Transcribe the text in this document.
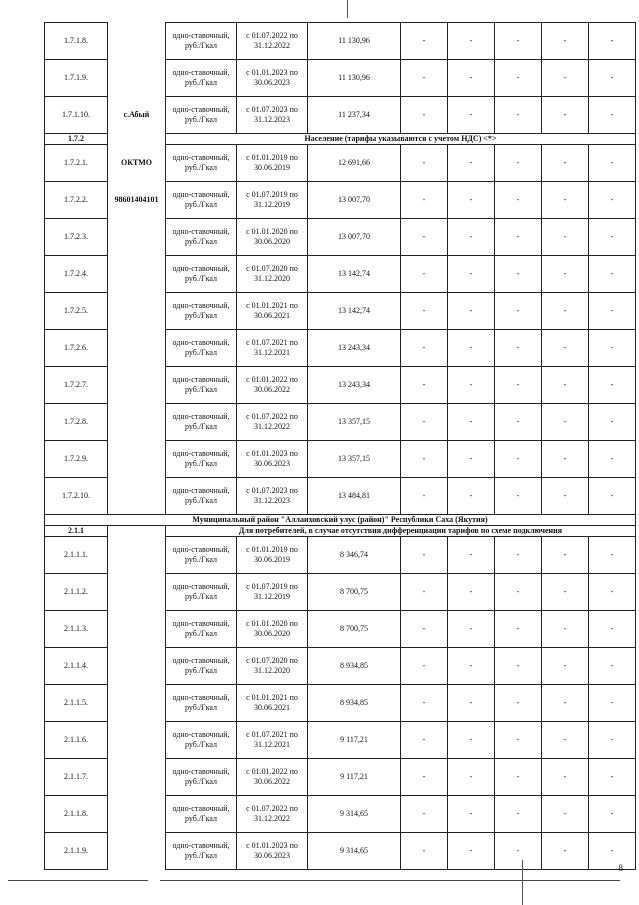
1.7.1.8.		одно-ставочный, руб./Гкал	с 01.07.2022 по 31.12.2022	11 130,96	-	-	-	-	-
1.7.1.9.		одно-ставочный, руб./Гкал	с 01.01.2023 по 30.06.2023	11 130,96	-	-	-	-	-
1.7.1.10.	с.Абый	одно-ставочный, руб./Гкал	с 01.07.2023 по 31.12.2023	11 237,34	-	-	-	-	-
1.7.2		Население (тарифы указываются с учетом НДС) <*>							
1.7.2.1.	ОКТМО	одно-ставочный, руб./Гкал	с 01.01.2019 по 30.06.2019	12 691,66	-	-	-	-	-
1.7.2.2.	98601404101	одно-ставочный, руб./Гкал	с 01.07.2019 по 31.12.2019	13 007,70	-	-	-	-	-
1.7.2.3.		одно-ставочный, руб./Гкал	с 01.01.2020 по 30.06.2020	13 007,70	-	-	-	-	-
1.7.2.4.		одно-ставочный, руб./Гкал	с 01.07.2020 по 31.12.2020	13 142,74	-	-	-	-	-
1.7.2.5.		одно-ставочный, руб./Гкал	с 01.01.2021 по 30.06.2021	13 142,74	-	-	-	-	-
1.7.2.6.		одно-ставочный, руб./Гкал	с 01.07.2021 по 31.12.2021	13 243,34	-	-	-	-	-
1.7.2.7.		одно-ставочный, руб./Гкал	с 01.01.2022 по 30.06.2022	13 243,34	-	-	-	-	-
1.7.2.8.		одно-ставочный, руб./Гкал	с 01.07.2022 по 31.12.2022	13 357,15	-	-	-	-	-
1.7.2.9.		одно-ставочный, руб./Гкал	с 01.01.2023 по 30.06.2023	13 357,15	-	-	-	-	-
1.7.2.10.		одно-ставочный, руб./Гкал	с 01.07.2023 по 31.12.2023	13 484,81	-	-	-	-	-
Муниципальный район "Аллаиховский улус (район)" Республики Саха (Якутия)									
2.1.1		Для потребителей, в случае отсутствия дифференциации тарифов по схеме подключения							
2.1.1.1.		одно-ставочный, руб./Гкал	с 01.01.2019 по 30.06.2019	8 346,74	-	-	-	-	-
2.1.1.2.		одно-ставочный, руб./Гкал	с 01.07.2019 по 31.12.2019	8 700,75	-	-	-	-	-
2.1.1.3.		одно-ставочный, руб./Гкал	с 01.01.2020 по 30.06.2020	8 700,75	-	-	-	-	-
2.1.1.4.		одно-ставочный, руб./Гкал	с 01.07.2020 по 31.12.2020	8 934,85	-	-	-	-	-
2.1.1.5.		одно-ставочный, руб./Гкал	с 01.01.2021 по 30.06.2021	8 934,85	-	-	-	-	-
2.1.1.6.		одно-ставочный, руб./Гкал	с 01.07.2021 по 31.12.2021	9 117,21	-	-	-	-	-
2.1.1.7.		одно-ставочный, руб./Гкал	с 01.01.2022 по 30.06.2022	9 117,21	-	-	-	-	-
2.1.1.8.		одно-ставочный, руб./Гкал	с 01.07.2022 по 31.12.2022	9 314,65	-	-	-	-	-
2.1.1.9.		одно-ставочный, руб./Гкал	с 01.01.2023 по 30.06.2023	9 314,65	-	-	-	-	-
8
